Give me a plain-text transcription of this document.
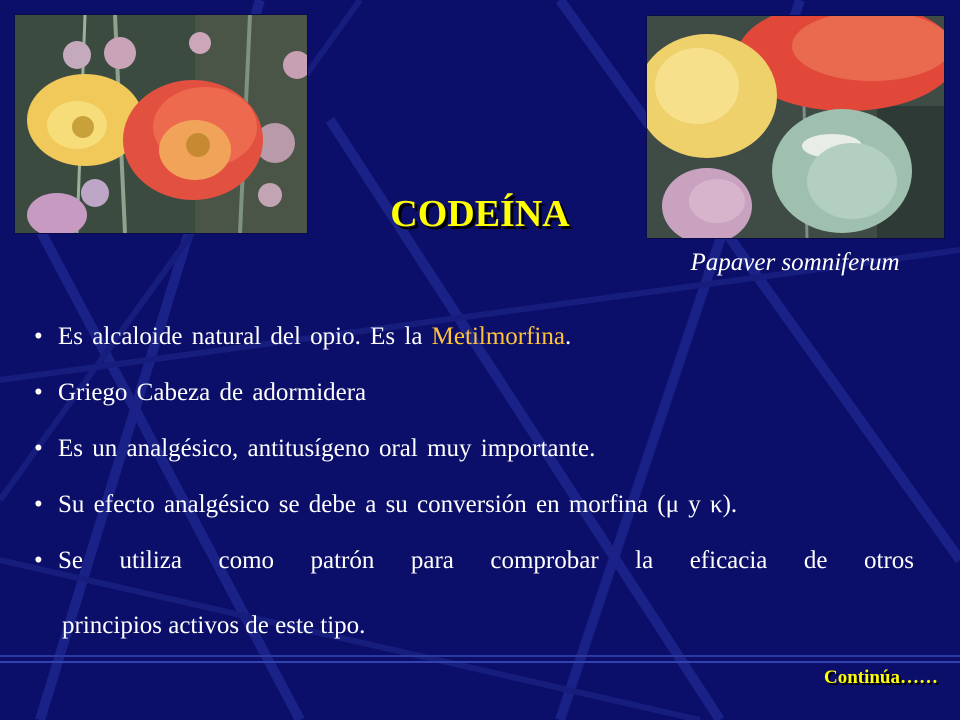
CODEÍNA
Papaver somniferum
• Es alcaloide natural del opio. Es la Metilmorfina.
• Griego Cabeza de adormidera
• Es un analgésico, antitusígeno oral muy importante.
• Su efecto analgésico se debe a su conversión en morfina (μ y κ).
• Se utiliza como patrón para comprobar la eficacia de otros
principios activos de este tipo.
Continúa……
